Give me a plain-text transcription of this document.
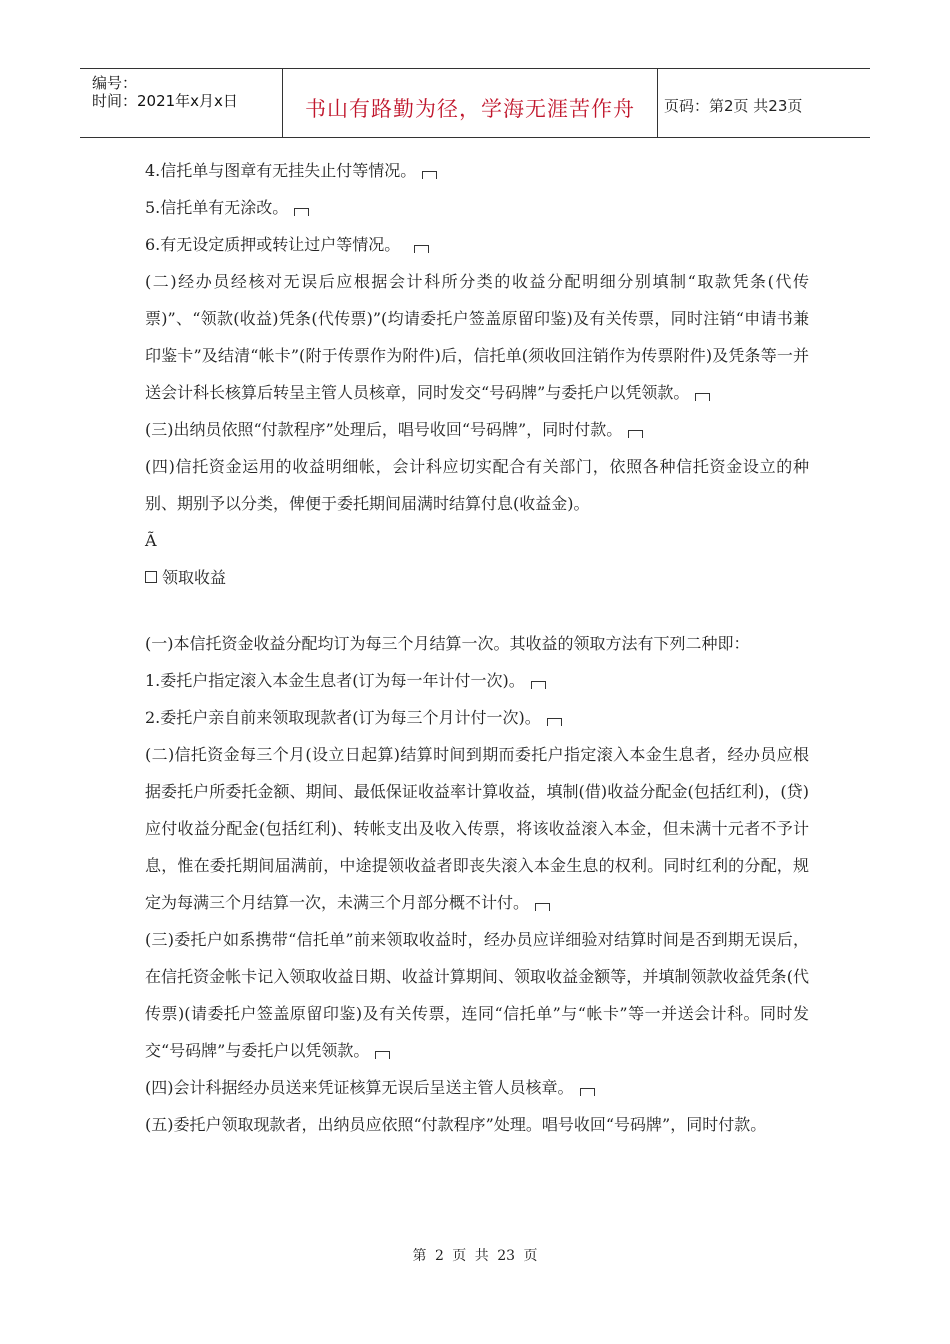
编号：
时间：2021年x月x日	书山有路勤为径，学海无涯苦作舟	页码：第2页 共23页

4.信托单与图章有无挂失止付等情况。

5.信托单有无涂改。

6.有无设定质押或转让过户等情况。

(二)经办员经核对无误后应根据会计科所分类的收益分配明细分别填制“取款凭条(代传票)”、“领款(收益)凭条(代传票)”(均请委托户签盖原留印鉴)及有关传票，同时注销“申请书兼印鉴卡”及结清“帐卡”(附于传票作为附件)后，信托单(须收回注销作为传票附件)及凭条等一并送会计科长核算后转呈主管人员核章，同时发交“号码牌”与委托户以凭领款。

(三)出纳员依照“付款程序”处理后，唱号收回“号码牌”，同时付款。

(四)信托资金运用的收益明细帐，会计科应切实配合有关部门，依照各种信托资金设立的种别、期别予以分类，俾便于委托期间届满时结算付息(收益金)。

Ã

领取收益

(一)本信托资金收益分配均订为每三个月结算一次。其收益的领取方法有下列二种即：

1.委托户指定滚入本金生息者(订为每一年计付一次)。

2.委托户亲自前来领取现款者(订为每三个月计付一次)。

(二)信托资金每三个月(设立日起算)结算时间到期而委托户指定滚入本金生息者，经办员应根据委托户所委托金额、期间、最低保证收益率计算收益，填制(借)收益分配金(包括红利)，(贷)应付收益分配金(包括红利)、转帐支出及收入传票，将该收益滚入本金，但未满十元者不予计息，惟在委托期间届满前，中途提领收益者即丧失滚入本金生息的权利。同时红利的分配，规定为每满三个月结算一次，未满三个月部分概不计付。

(三)委托户如系携带“信托单”前来领取收益时，经办员应详细验对结算时间是否到期无误后，在信托资金帐卡记入领取收益日期、收益计算期间、领取收益金额等，并填制领款收益凭条(代传票)(请委托户签盖原留印鉴)及有关传票，连同“信托单”与“帐卡”等一并送会计科。同时发交“号码牌”与委托户以凭领款。

(四)会计科据经办员送来凭证核算无误后呈送主管人员核章。

(五)委托户领取现款者，出纳员应依照“付款程序”处理。唱号收回“号码牌”，同时付款。

第 2 页 共 23 页
